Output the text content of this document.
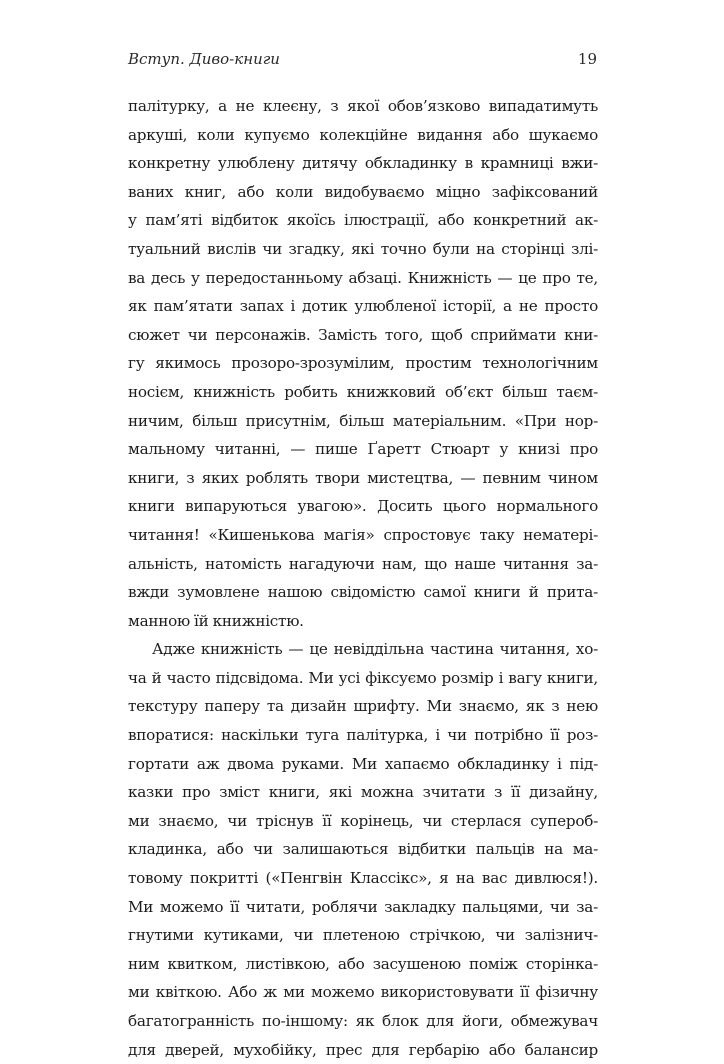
Вступ. Диво-книги	19
палітурку, а не клеєну, з якої обов’язково випадатимуть
аркуші, коли купуємо колекційне видання або шукаємо
конкретну улюблену дитячу обкладинку в крамниці вжи-
ваних книг, або коли видобуваємо міцно зафіксований
у пам’яті відбиток якоїсь ілюстрації, або конкретний ак-
туальний вислів чи згадку, які точно були на сторінці злі-
ва десь у передостанньому абзаці. Книжність — це про те,
як пам’ятати запах і дотик улюбленої історії, а не просто
сюжет чи персонажів. Замість того, щоб сприймати кни-
гу якимось прозоро-зрозумілим, простим технологічним
носієм, книжність робить книжковий об’єкт більш таєм-
ничим, більш присутнім, більш матеріальним. «При нор-
мальному читанні, — пише Ґаретт Стюарт у книзі про
книги, з яких роблять твори мистецтва, — певним чином
книги випаруються увагою». Досить цього нормального
читання! «Кишенькова магія» спростовує таку нематері-
альність, натомість нагадуючи нам, що наше читання за-
вжди зумовлене нашою свідомістю самої книги й прита-
манною їй книжністю.
Адже книжність — це невіддільна частина читання, хо-
ча й часто підсвідома. Ми усі фіксуємо розмір і вагу книги,
текстуру паперу та дизайн шрифту. Ми знаємо, як з нею
впоратися: наскільки туга палітурка, і чи потрібно її роз-
гортати аж двома руками. Ми хапаємо обкладинку і під-
казки про зміст книги, які можна зчитати з її дизайну,
ми знаємо, чи тріснув її корінець, чи стерлася супероб-
кладинка, або чи залишаються відбитки пальців на ма-
товому покритті («Пенгвін Классікс», я на вас дивлюся!).
Ми можемо її читати, роблячи закладку пальцями, чи за-
гнутими кутиками, чи плетеною стрічкою, чи залізнич-
ним квитком, листівкою, або засушеною поміж сторінка-
ми квіткою. Або ж ми можемо використовувати її фізичну
багатогранність по-іншому: як блок для йоги, обмежувач
для дверей, мухобійку, прес для гербарію або балансир
